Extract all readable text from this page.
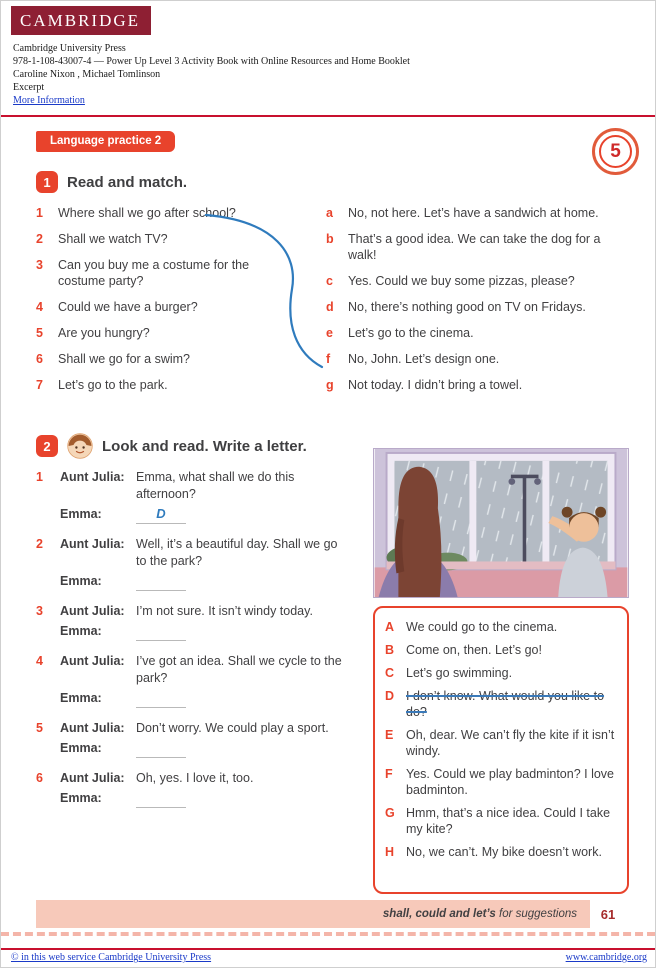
CAMBRIDGE
Cambridge University Press
978-1-108-43007-4 — Power Up Level 3 Activity Book with Online Resources and Home Booklet
Caroline Nixon , Michael Tomlinson
Excerpt
More Information
Language practice 2	5
1	Read and match.
1	Where shall we go after school?
2	Shall we watch TV?
3	Can you buy me a costume for the costume party?
4	Could we have a burger?
5	Are you hungry?
6	Shall we go for a swim?
7	Let’s go to the park.
a	No, not here. Let’s have a sandwich at home.
b	That’s a good idea. We can take the dog for a walk!
c	Yes. Could we buy some pizzas, please?
d	No, there’s nothing good on TV on Fridays.
e	Let’s go to the cinema.
f	No, John. Let’s design one.
g	Not today. I didn’t bring a towel.
2	Look and read. Write a letter.
1	Aunt Julia: Emma, what shall we do this afternoon?
Emma:	D
2	Aunt Julia: Well, it’s a beautiful day. Shall we go to the park?
Emma:
3	Aunt Julia: I’m not sure. It isn’t windy today.
Emma:
4	Aunt Julia: I’ve got an idea. Shall we cycle to the park?
Emma:
5	Aunt Julia: Don’t worry. We could play a sport.
Emma:
6	Aunt Julia: Oh, yes. I love it, too.
Emma:
A We could go to the cinema.
B Come on, then. Let’s go!
C Let’s go swimming.
D I don’t know. What would you like to do?
E	Oh, dear. We can’t fly the kite if it isn’t windy.
F	Yes. Could we play badminton? I love badminton.
G Hmm, that’s a nice idea. Could I take my kite?
H No, we can’t. My bike doesn’t work.
shall, could and let’s for suggestions	61
© in this web service Cambridge University Press	www.cambridge.org
